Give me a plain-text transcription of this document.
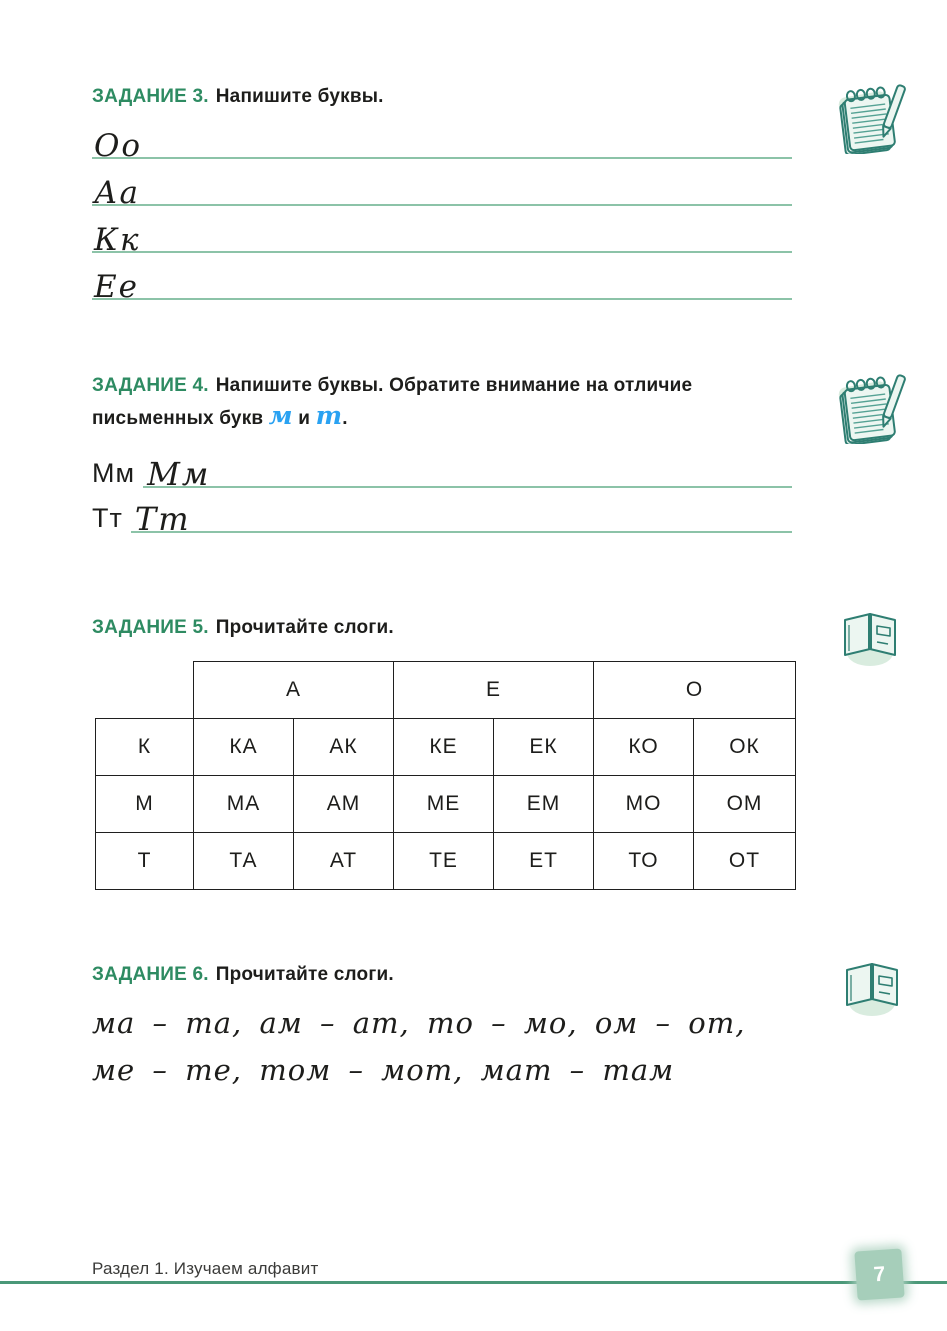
ЗАДАНИЕ 3. Напишите буквы.
Оо
Аа
Кк
Ее
ЗАДАНИЕ 4. Напишите буквы. Обратите внимание на отличие
письменных букв м и т.
Мм Мм
Тт Тт
ЗАДАНИЕ 5. Прочитайте слоги.
	А		Е		О	
К	КА	АК	КЕ	ЕК	КО	ОК
М	МА	АМ	МЕ	ЕМ	МО	ОМ
Т	ТА	АТ	ТЕ	ЕТ	ТО	ОТ
ЗАДАНИЕ 6. Прочитайте слоги.
ма – та, ам – ат, то – мо, ом – от,
ме – те, том – мот, мат – там
Раздел 1. Изучаем алфавит	7
